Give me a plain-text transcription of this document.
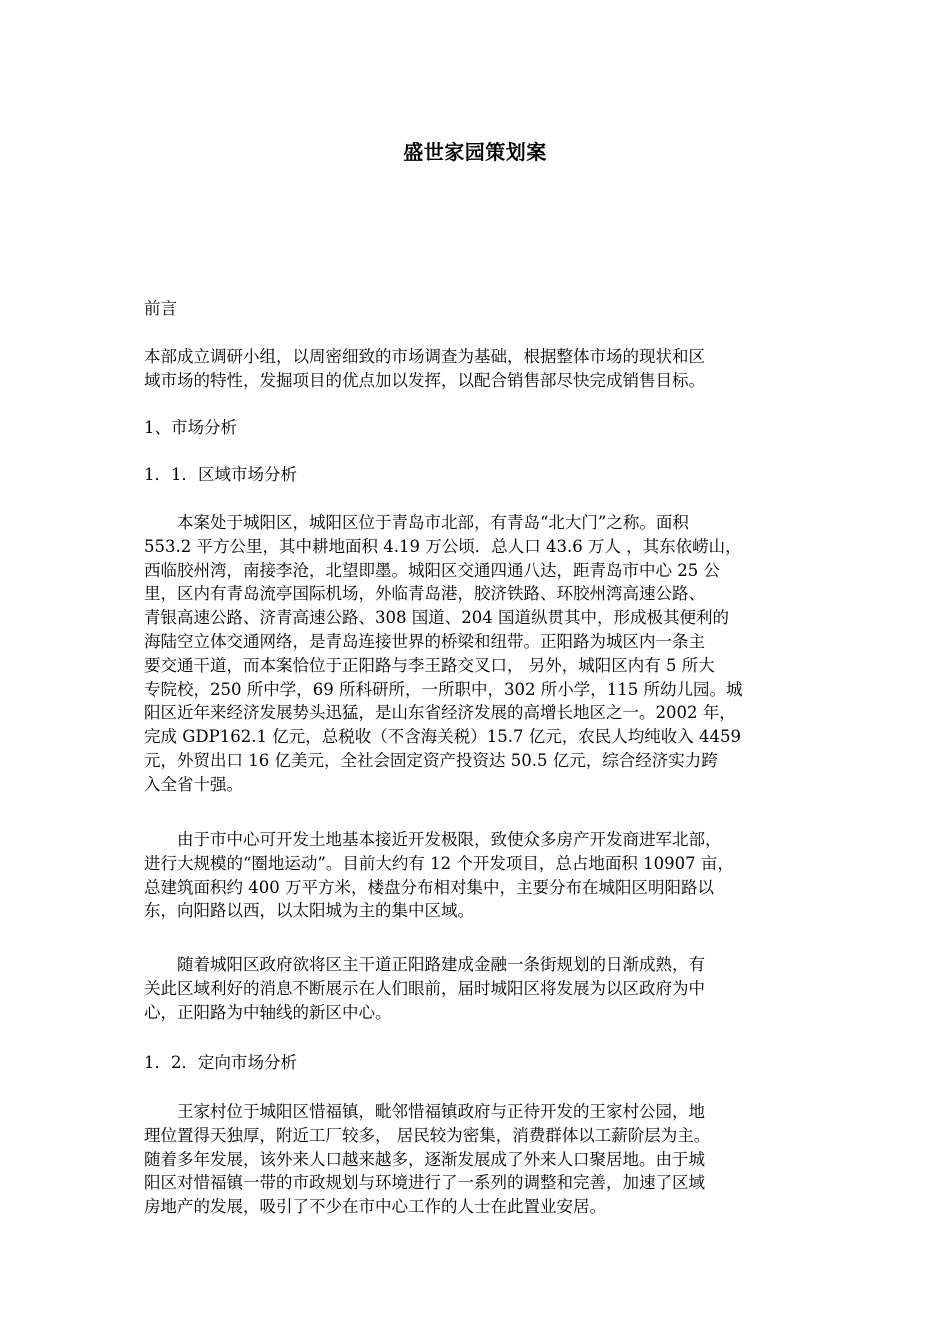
盛世家园策划案

前言

本部成立调研小组，以周密细致的市场调查为基础，根据整体市场的现状和区
域市场的特性，发掘项目的优点加以发挥，以配合销售部尽快完成销售目标。

1、市场分析

1．1．区域市场分析

本案处于城阳区，城阳区位于青岛市北部，有青岛“北大门”之称。面积
553.2 平方公里，其中耕地面积 4.19 万公顷．总人口 43.6 万人 ，其东依崂山，
西临胶州湾，南接李沧，北望即墨。城阳区交通四通八达，距青岛市中心 25 公
里，区内有青岛流亭国际机场，外临青岛港，胶济铁路、环胶州湾高速公路、
青银高速公路、济青高速公路、308 国道、204 国道纵贯其中，形成极其便利的
海陆空立体交通网络，是青岛连接世界的桥梁和纽带。正阳路为城区内一条主
要交通干道，而本案恰位于正阳路与李王路交叉口， 另外，城阳区内有 5 所大
专院校，250 所中学，69 所科研所，一所职中，302 所小学，115 所幼儿园。城
阳区近年来经济发展势头迅猛，是山东省经济发展的高增长地区之一。2002 年，
完成 GDP162.1 亿元，总税收（不含海关税）15.7 亿元，农民人均纯收入 4459
元，外贸出口 16 亿美元，全社会固定资产投资达 50.5 亿元，综合经济实力跨
入全省十强。
由于市中心可开发土地基本接近开发极限，致使众多房产开发商进军北部，
进行大规模的“圈地运动”。目前大约有 12 个开发项目，总占地面积 10907 亩，
总建筑面积约 400 万平方米，楼盘分布相对集中，主要分布在城阳区明阳路以
东，向阳路以西，以太阳城为主的集中区域。
随着城阳区政府欲将区主干道正阳路建成金融一条街规划的日渐成熟，有
关此区域利好的消息不断展示在人们眼前，届时城阳区将发展为以区政府为中
心，正阳路为中轴线的新区中心。

1．2．定向市场分析

王家村位于城阳区惜福镇，毗邻惜福镇政府与正待开发的王家村公园，地
理位置得天独厚，附近工厂较多， 居民较为密集，消费群体以工薪阶层为主。
随着多年发展，该外来人口越来越多，逐渐发展成了外来人口聚居地。由于城
阳区对惜福镇一带的市政规划与环境进行了一系列的调整和完善，加速了区域
房地产的发展，吸引了不少在市中心工作的人士在此置业安居。
